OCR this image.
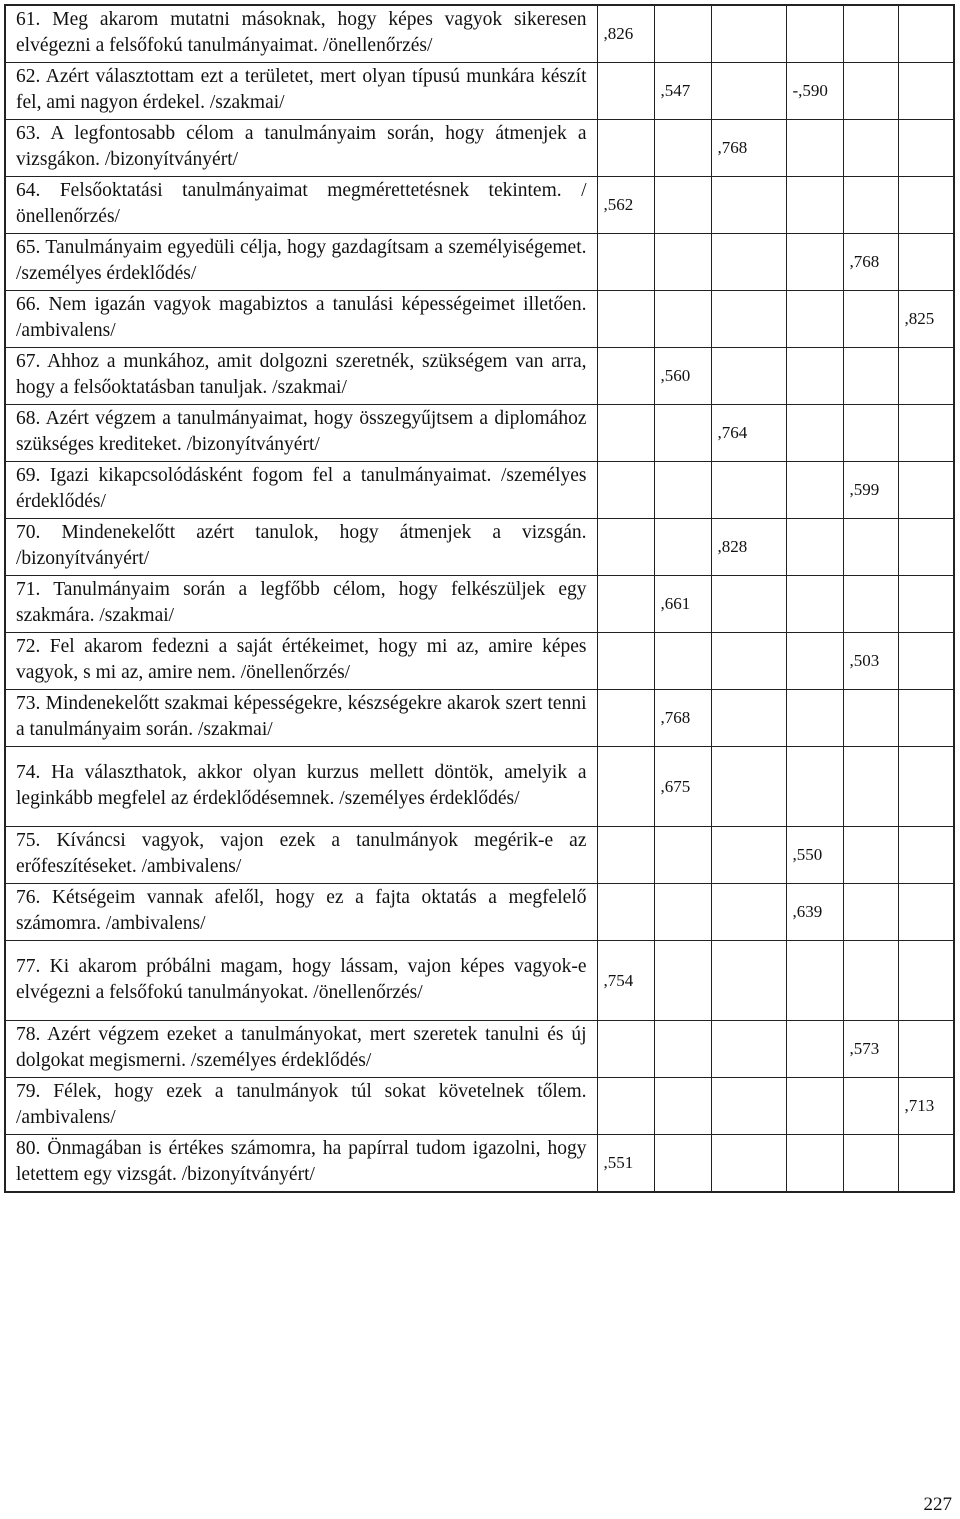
61. Meg akarom mutatni másoknak, hogy képes vagyok sikeresen elvégezni a felsőfokú tanulmányaimat. /önellenőrzés/	,826					

62. Azért választottam ezt a területet, mert olyan típusú munkára készít fel, ami nagyon érdekel. /szakmai/		,547		-,590		

63. A legfontosabb célom a tanulmányaim során, hogy átmenjek a vizsgákon. /bizonyítványért/			,768			

64. Felsőoktatási tanulmányaimat megmérettetésnek tekintem. /önellenőrzés/	,562					

65. Tanulmányaim egyedüli célja, hogy gazdagítsam a személyiségemet. /személyes érdeklődés/					,768	

66. Nem igazán vagyok magabiztos a tanulási képességeimet illetően. /ambivalens/						,825

67. Ahhoz a munkához, amit dolgozni szeretnék, szükségem van arra, hogy a felsőoktatásban tanuljak. /szakmai/		,560				

68. Azért végzem a tanulmányaimat, hogy összegyűjtsem a diplomához szükséges krediteket. /bizonyítványért/			,764			

69. Igazi kikapcsolódásként fogom fel a tanulmányaimat. /személyes érdeklődés/					,599	

70. Mindenekelőtt azért tanulok, hogy átmenjek a vizsgán. /bizonyítványért/			,828			

71. Tanulmányaim során a legfőbb célom, hogy felkészüljek egy szakmára. /szakmai/		,661				

72. Fel akarom fedezni a saját értékeimet, hogy mi az, amire képes vagyok, s mi az, amire nem. /önellenőrzés/					,503	

73. Mindenekelőtt szakmai képességekre, készségekre akarok szert tenni a tanulmányaim során. /szakmai/		,768				

74. Ha választhatok, akkor olyan kurzus mellett döntök, amelyik a leginkább megfelel az érdeklődésemnek. /személyes érdeklődés/		,675				

75. Kíváncsi vagyok, vajon ezek a tanulmányok megérik-e az erőfeszítéseket. /ambivalens/				,550		

76. Kétségeim vannak afelől, hogy ez a fajta oktatás a megfelelő számomra. /ambivalens/				,639		

77. Ki akarom próbálni magam, hogy lássam, vajon képes vagyok-e elvégezni a felsőfokú tanulmányokat. /önellenőrzés/	,754					

78. Azért végzem ezeket a tanulmányokat, mert szeretek tanulni és új dolgokat megismerni. /személyes érdeklődés/					,573	

79. Félek, hogy ezek a tanulmányok túl sokat követelnek tőlem. /ambivalens/						,713

80. Önmagában is értékes számomra, ha papírral tudom igazolni, hogy letettem egy vizsgát. /bizonyítványért/	,551					
227
